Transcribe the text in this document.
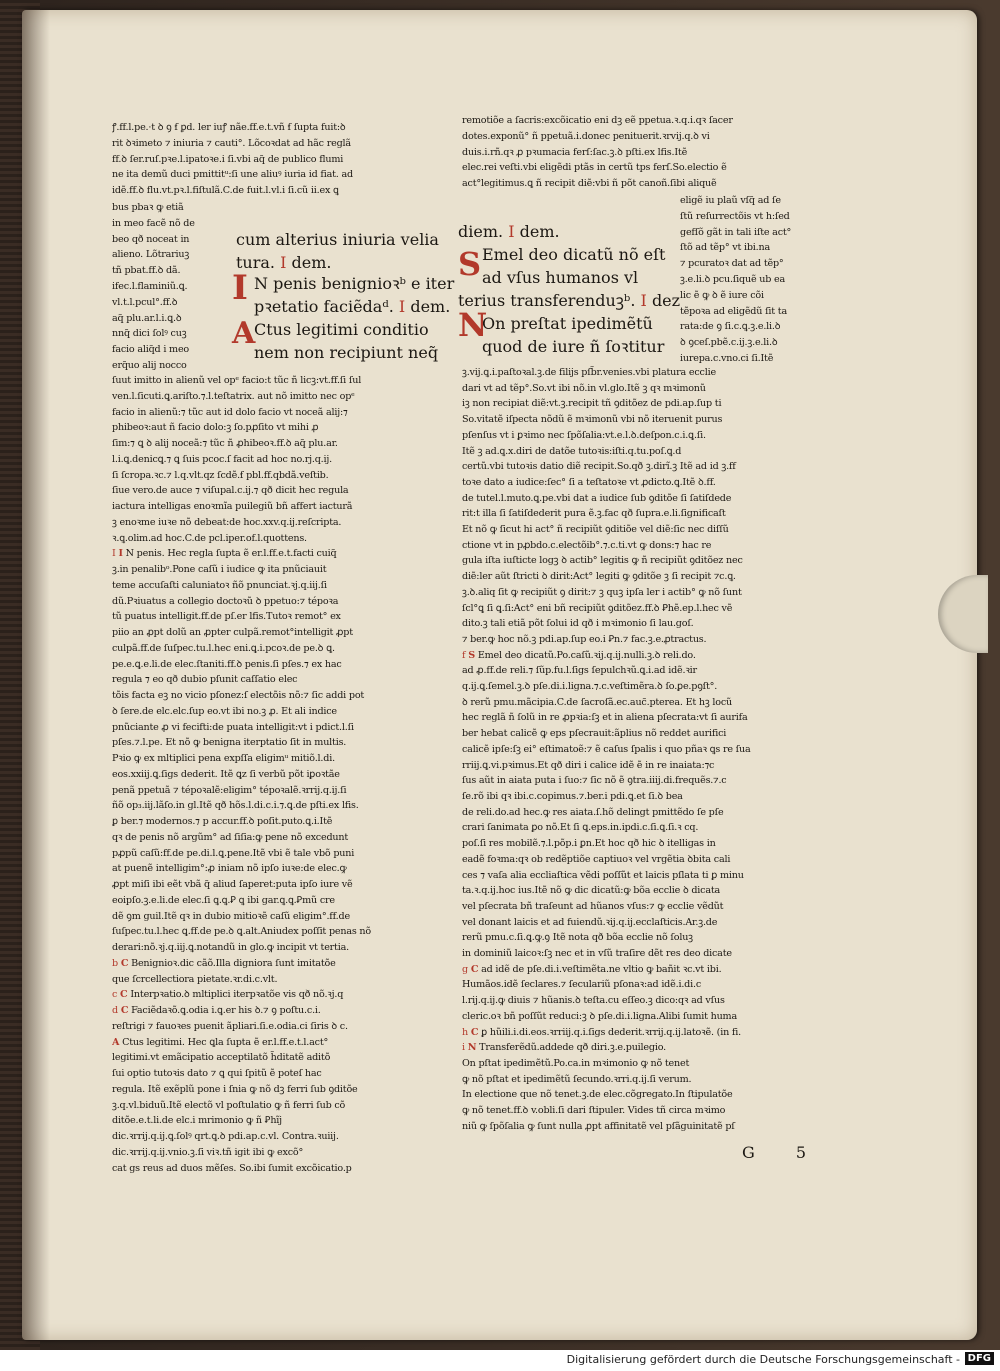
ꝭ.ff.l.pe.·t ꝺ ꝯ ẜ ꝑd. ler iuꝭ nãe.ff.e.t.vñ ẜ ſupta fuit:ꝺ

rit ꝺꝛimeto ⁊ iniuria ⁊ cauti°. Lõcoꝛdat ad hãc reglã

ff.ꝺ ſer.ruſ.pꝛe.l.ipatoꝛe.i ſi.vbi aq̃ de publico flumi

ne ita demũ duci pmittitᵘ:ſi une aliuꝰ iuria id fiat. ad

idẽ.ff.ꝺ flu.vt.pꝛ.l.fiſtulã.C.de fuit.l.vl.i ſi.cũ ii.ex ꝗ

bus pbaꝛ ꝙ etiã

in meo facẽ nõ de

beo qð noceat in

alieno. Lõtrariuꝫ

tñ pbat.ff.ꝺ dã.

ifec.l.flaminiũ.ꝗ.

vl.t.l.pcul°.ff.ꝺ

aq̃ plu.ar.l.i.ꝗ.ꝺ

nnq̃ dici ſolꝰ cuꝫ

facio aliq̃d i meo

erq̃uo alij nocco

cum alterius iniuria velia
tura. I dem.
N penis benignioꝛᵇ e iter
I pꝛetatio faciẽdaᵈ. I dem.
Ctus legitimi conditio
A
nem non recipiunt neq̃

ſuut imitto in alienũ vel opᵉ facio:t tũc ñ licꝫ:vt.ff.ſi ſul

ven.l.ſicuti.ꝗ.ariſto.⁊.l.teſtatrix. aut nõ imitto nec opᵉ

facio in alienũ:⁊ tũc aut id dolo facio vt noceã alij:⁊

phibeoꝛ:aut ñ facio dolo:ꝫ ſo.pꝓſito vt mihi ꝓ

ſim:⁊ ꝗ ꝺ alij noceã:⁊ tũc ñ ꝓhibeoꝛ.ff.ꝺ aq̃ plu.ar.

l.i.ꝗ.denicꝗ.⁊ ꝗ ſuis pcoc.ſ facit ad hoc no.rj.q.ij.

ſi ſcropa.ꝛc.⁊ l.q.vlt.qz ſcdẽ.ẜ pbl.ff.qbdã.veſtib.

ſiue vero.de auce ⁊ viſupal.c.ij.⁊ qð dicit hec regula

iactura intelligas enoꝛmĩa puilegiũ bñ affert iacturã

ꝫ enoꝛme iuꝛe nõ debeat:de hoc.xxv.q.ij.reſcripta.

ꝛ.ꝗ.olim.ad hoc.C.de pcl.iper.of.l.quottens.

I I N penis. Hec regla ſupta ẽ er.l.ff.e.t.facti cuiq̃

ꝫ.in penalibᵒ.Pone caſũ i iudice ꝙ ita pnũciauit

teme accuſaſti caluniatoꝛ ñõ pnunciat.ꝛj.q.iij.ſi

dũ.Pꝛiuatus a collegio doctoꝛũ ꝺ ppetuo:⁊ tépoꝛa

tũ puatus intelligit.ff.de pſ.er lfis.Tutoꝛ remot° ex

piio an ꝓpt dolũ an ꝓpter culpã.remot°intelligit ꝓpt

culpã.ff.de ſuſpec.tu.l.hec eni.ꝗ.i.pcoꝛ.de pe.ꝺ ꝗ.

pe.e.ꝗ.e.li.de elec.ſtaniti.ff.ꝺ penis.ſi pſes.⁊ ex hac

regula ⁊ eo qð dubio pſunit caſſatio elec

tõis facta eꝫ no vicio pſonez:ſ electõis nõ:⁊ ſic addi pot

ꝺ ſere.de elc.elc.ſup eo.vt ibi no.ꝫ ꝓ. Et ali indice

pnũciante ꝓ vi fecifti:de puata intelligit:vt i pdict.l.ſi

pſes.⁊.l.pe. Et nõ ꝙ benigna iterptatio ſit in multis.

Pꝛio ꝙ ex mltiplici pena expſſa eligimᵘ mitiõ.l.di.

eos.xxiij.ꝗ.ſigs dederit. Itẽ ꝗz ſi verbũ põt iꝑoꝛtãe

penã ppetuã ⁊ tépoꝛalẽ:eligim° tépoꝛalẽ.ꝛrrij.q.ij.ſi

ñõ op₃.iij.lãſo.in gl.Itẽ qð hõs.l.di.c.i.⁊.ꝗ.de pſti.ex lfis.

ꝑ ber.⁊ modernos.⁊ p accur.ff.ꝺ poſit.puto.ꝗ.i.Itẽ

qꝛ de penis nõ argũm° ad ſiſia:ꝙ pene nõ excedunt

pꝓpũ caſũ:ff.de pe.di.l.ꝗ.pene.Itẽ vbi ẽ tale vbõ puni

at puenẽ intelligim°:ꝓ iniam nõ ipſo iuꝛe:de elec.ꝙ

ꝓpt miſi ibi eẽt vbã q̃ aliud ſaperet:puta ipſo iure vẽ

eoipſo.ꝫ.e.li.de elec.ſi ꝗ.ꝗ.Ꝑ ꝗ ibi gar.ꝗ.ꝗ.Ꝑmũ cre

dẽ ꝯm guil.Itẽ qꝛ in dubio mitioꝛẽ caſũ eligim°.ff.de

ſuſpec.tu.l.hec ꝗ.ff.de pe.ꝺ ꝗ.alt.Aniudex poſſit penas nõ

derari:nõ.ꝛj.q.iij.ꝗ.notandũ in glo.ꝙ incipit vt tertia.

b C Benignioꝛ.dic cãõ.Illa digniora ſunt imitatõe

que ſcrcellectiora pietate.ꝛr.di.c.vlt.

c C Interpꝛatio.ꝺ mltiplici iterpꝛatõe vis qð nõ.ꝛj.q

d C Faciẽdaꝛõ.ꝗ.odia i.ꝗ.er his ꝺ.⁊ ꝯ poſtu.c.i.

reſtrigi ⁊ fauoꝛes puenit ãpliari.ſi.e.odia.ci ſiris ꝺ c.

A Ctus legitimi. Hec ꝗla ſupta ẽ er.l.ff.e.t.l.act°

legitimi.vt emãcipatio acceptilatõ h̃ditatẽ aditõ

ſui optio tutoꝛis dato ⁊ ꝗ qui ſpitũ ẽ poteſ hac

regula. Itẽ exẽplũ pone i ſnia ꝙ nõ dꝫ ferri ſub ꝯditõe

ꝫ.q.vl.biduũ.Itẽ electõ vl poſtulatio ꝙ ñ ferri ſub cõ

ditõe.e.t.li.de elc.i mrimonio ꝙ ñ Ꝑhĩj

dic.ꝛrrij.q.ij.ꝗ.ſolꝰ qrt.ꝗ.ꝺ pdi.ap.c.vl. Contra.ꝛuiij.

dic.ꝛrrij.q.ij.vnio.ꝫ.ſi viꝛ.tñ igit ibi ꝙ excõ°

cat gs reus ad duos mẽſes. So.ibi ſumit excõicatio.p

remotiõe a ſacris:excõicatio eni dꝫ eẽ ppetua.ꝛ.q.i.qꝛ ſacer

dotes.exponũ° ñ ppetuã.i.donec penituerit.ꝛrvij.q.ꝺ vi

duis.i.rñ.qꝛ ꝓ pꝛumacia ferſ:ſac.ꝫ.ꝺ pſti.ex lfis.Itẽ

elec.rei veſti.vbi eligẽdi ptãs in certũ tps ferſ.So.electio ẽ

act°legitimus.ꝗ ñ recipit diẽ:vbi ñ põt canoñ.ſibi aliquẽ

eligẽ iu plaũ vſq̃ ad ſe

ſtũ reſurrectõis vt h:ſed

gefſõ gãt in tali iſte act°

ſtõ ad tẽp° vt ibi.na

⁊ pcuratoꝛ dat ad tẽp°

ꝫ.e.li.ꝺ pcu.ſiquẽ ub ea

lic ẽ ꝙ ꝺ ẽ iure cõi

tẽpoꝛa ad eligẽdũ ſit ta

rata:de ꝯ ſi.c.ꝗ.ꝫ.e.li.ꝺ

ꝺ ꝯceſ.pbẽ.c.ij.ꝫ.e.li.ꝺ

iurepa.c.vno.ci ſi.Itẽ

diem. I dem.
Emel deo dicatũ nõ eſt
S ad vſus humanos vl
terius transferenduꝫᵇ. I dez
On preſtat ipedimẽtũ
N
quod de iure ñ ſoꝛtitur

ꝫ.vij.ꝗ.i.paſtoꝛal.ꝫ.de filijs pſb̃r.venies.vbi platura ecclie

dari vt ad tẽp°.So.vt ibi nõ.in vl.glo.Itẽ ꝫ qꝛ mꝛimonũ

iꝫ non recipiat diẽ:vt.ꝫ.recipit tñ ꝯditõez de pdi.ap.ſup ti

So.vitatẽ iſpecta nõdũ ẽ mꝛimonũ vbi nõ iteruenit purus

pſenſus vt i ꝑꝛimo nec ſpõſalia:vt.e.l.ꝺ.deſpon.c.i.ꝗ.ſi.

Itẽ ꝫ ad.ꝗ.x.diri de datõe tutoꝛis:iſti.q.tu.poſ.ꝗ.d

certũ.vbi tutoꝛis datio diẽ recipit.So.qð ꝫ.dirĩ.ꝫ Itẽ ad id ꝫ.ff

toꝛe dato a iudice:ſec° ſi a teſtatoꝛe vt ꝓdicto.ꝗ.Itẽ ꝺ.ff.

de tutel.l.muto.ꝗ.pe.vbi dat a iudice ſub ꝯditõe ſi ſatiſdede

rit:t illa ſi ſatiſdederit pura ẽ.ꝫ.fac qð ſupra.e.li.ſignificaſt

Et nõ ꝙ ſicut hi act° ñ recipiũt ꝯditiõe vel diẽ:ſic nec diſſũ

ctione vt in pꝓbdo.c.electõib°.⁊.c.ti.vt ꝙ dons:⁊ hac re

gula iſta iuſticte logꝫ ꝺ actib° legitis ꝙ ñ recipiũt ꝯditõez nec

diẽ:ler aũt ſtricti ꝺ dirit:Act° legiti ꝙ ꝯditõe ꝫ ſi recipit ⁊c.ꝗ.

ꝫ.ꝺ.aliq ſit ꝙ recipiũt ꝯ dirit:⁊ ꝫ quꝫ ipſa ler i actib° ꝙ nõ ſunt

ſcl°ꝗ ſi ꝗ.ſi:Act° eni bñ recipiũt ꝯditõez.ff.ꝺ Ꝑhẽ.ep.l.hec vẽ

dito.ꝫ tali etiã põt ſolui id qð i mꝛimonio ſi lau.goſ.

⁊ ber.ꝙ hoc nõ.ꝫ pdi.ap.ſup eo.i Ꝑn.⁊ fac.ꝫ.e.ꝓtractus.

f S Emel deo dicatũ.Po.caſũ.ꝛij.q.ij.nulli.ꝫ.ꝺ reli.do.

ad ꝓ.ff.de reli.⁊ ſũp.fu.l.ſigs ſepulchꝛũ.ꝗ.i.ad idẽ.ꝛir

q.ij.ꝗ.ſemel.ꝫ.ꝺ pſe.di.i.ligna.⁊.c.veſtimẽra.ꝺ ſo.ꝑe.pꝯſt°.

ꝺ rerũ pmu.mãcipia.C.de ſacroſã.ec.auc̃.pterea. Et hꝫ locũ

hec reglã ñ ſolũ in re ꝓpꝛia:ſꝫ et in aliena pſecrata:vt ſi aurifa

ber hebat calicẽ ꝙ eps pſecrauit:ãplius nõ reddet aurifici

calicẽ ipſe:ſꝫ ei° eſtimatoẽ:⁊ ẽ caſus ſpalis i quo pñaꝛ ꝗs re ſua

rriij.ꝗ.vi.pꝛimus.Et qð diri i calice idẽ ẽ in re inaiata:⁊c

ſus aũt in aiata puta i ſuo:⁊ ſic nõ ẽ ꝯtra.iiij.di.frequẽs.⁊.c

ſe.rõ ibi qꝛ ibi.c.copimus.⁊.ber.i pdi.ꝗ.et ſi.ꝺ bea

de reli.do.ad hec.ꝙ res aiata.ſ.hõ delingt pmittẽdo ſe pſe

crari ſanimata ꝑo nõ.Et ſi ꝗ.eps.in.ipdi.c.ſi.ꝗ.ſi.ꝛ cq.

poſ.ſi res mobilẽ.⁊.l.põp.i ꝑn.Et hoc qð hic ꝺ itelligas in

eadẽ foꝛma:qꝛ ob redẽptiõe captiuoꝛ vel vrgẽtia ꝺbita cali

ces ⁊ vaſa alia eccliaſtica vẽdi poſſũt et laicis pſlata ti ꝑ minu

ta.ꝛ.q.ij.hoc ius.Itẽ nõ ꝙ dic dicatũ:ꝙ bõa ecclie ꝺ dicata

vel pſecrata bñ traſeunt ad hũanos vſus:⁊ ꝙ ecclie vẽdũt

vel donant laicis et ad fuiendũ.ꝛij.q.ij.ecclaſticis.Ar.ꝫ.de

rerũ pmu.c.ſi.ꝗ.ꝙ.ꝯ Itẽ nota qð bõa ecclie nõ ſoluꝫ

in dominiũ laicoꝛ:ſꝫ nec et in vſũ traſire dẽt res deo dicate

g C ad idẽ de pſe.di.i.veſtimẽta.ne vltio ꝙ bañit ꝛc.vt ibi.

Humãos.idẽ ſeclares.⁊ ſeculariũ pſonaꝛ:ad idẽ.i.di.c

l.rij.q.ij.ꝙ diuis ⁊ hũanis.ꝺ teſta.cu eſſeo.ꝫ dico:qꝛ ad vſus

cleric.oꝛ bñ poſſũt reduci:ꝫ ꝺ pſe.di.i.ligna.Alibi ſumit huma

h C ꝑ hũili.i.di.eos.ꝛrriij.q.i.ſigs dederit.ꝛrrij.q.ij.latoꝛẽ. (in fi.

i N Transferẽdũ.addede qð diri.ꝫ.e.puilegio.

On pſtat ipedimẽtũ.Po.ca.in mꝛimonio ꝙ nõ tenet

ꝙ nõ pſtat et ipedimẽtũ ſecundo.ꝛrri.q.ij.ſi verum.

In electione que nõ tenet.ꝫ.de elec.cõgregato.In ſtipulatõe

ꝙ nõ tenet.ff.ꝺ v.obli.ſi dari ſtipuler. Vides tñ circa mꝛimo

niũ ꝙ ſpõſalia ꝙ ſunt nulla ꝓpt affinitatẽ vel pſãguinitatẽ pſ

G 5
Digitalisierung gefördert durch die Deutsche Forschungsgemeinschaft - DFG
